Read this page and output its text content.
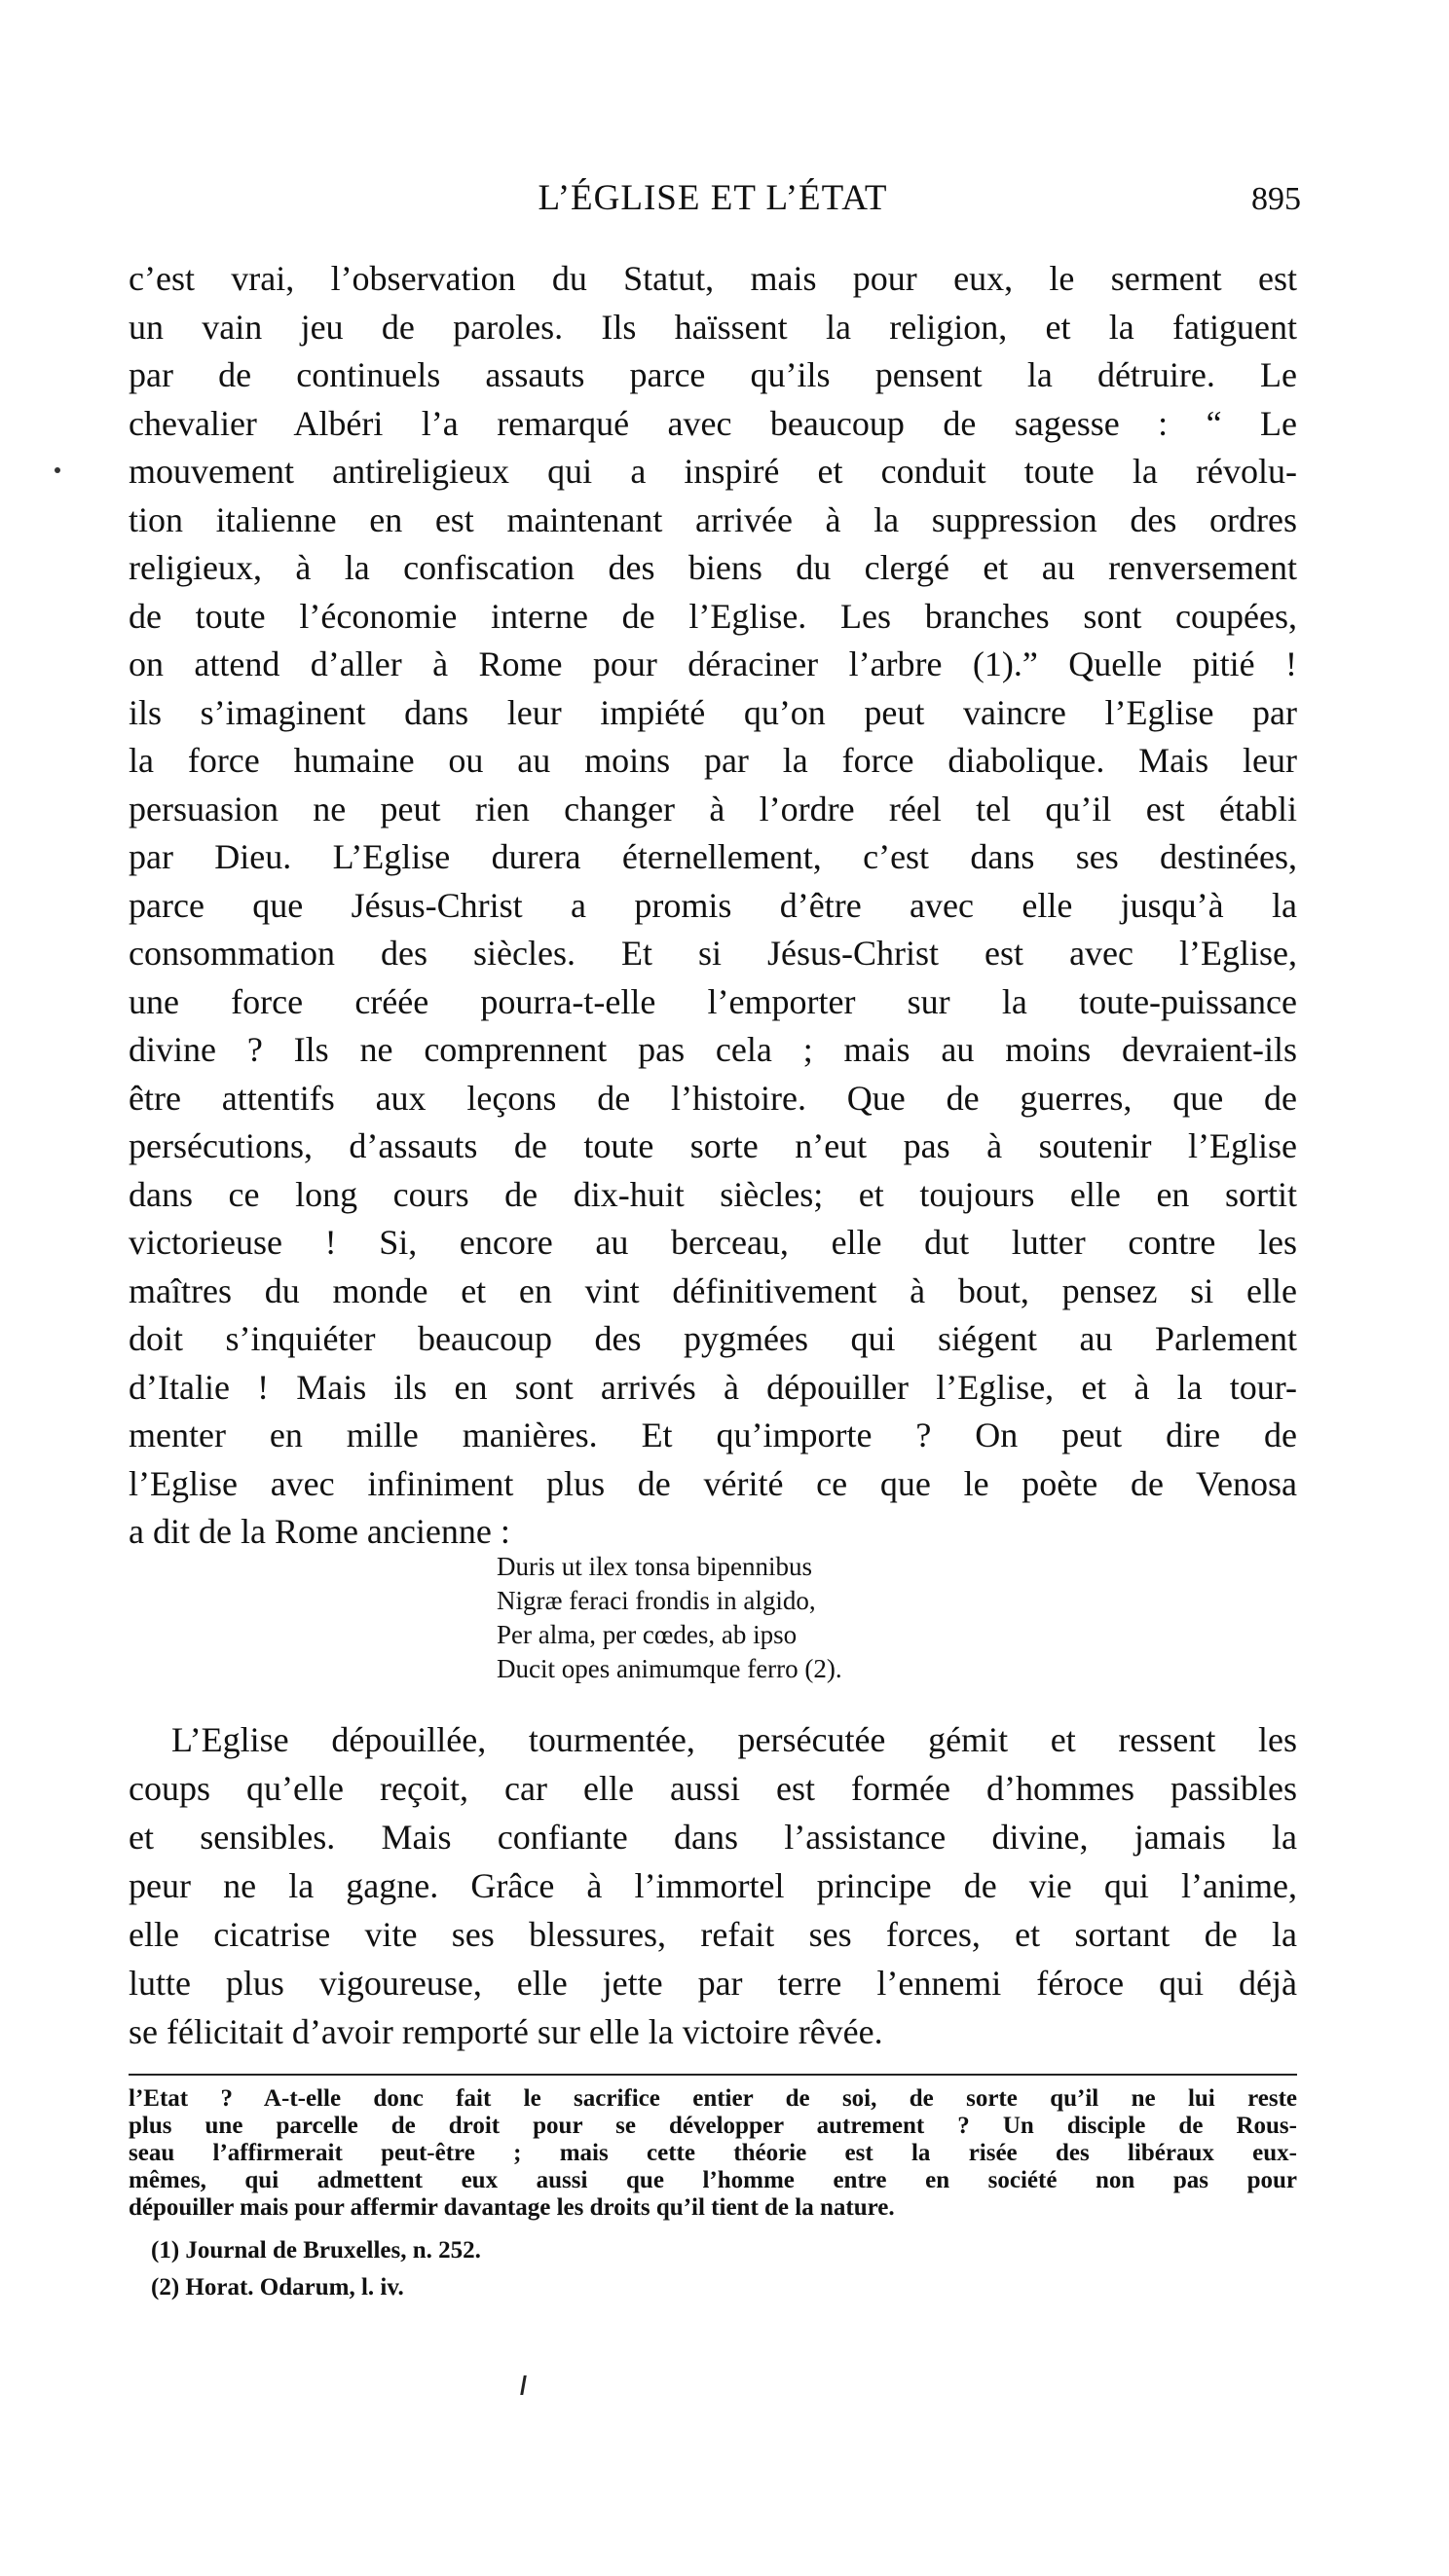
L’ÉGLISE ET L’ÉTAT	895
c’est vrai, l’observation du Statut, mais pour eux, le serment est
un vain jeu de paroles. Ils haïssent la religion, et la fatiguent
par de continuels assauts parce qu’ils pensent la détruire. Le
chevalier Albéri l’a remarqué avec beaucoup de sagesse : “ Le
mouvement antireligieux qui a inspiré et conduit toute la révolu-
tion italienne en est maintenant arrivée à la suppression des ordres
religieux, à la confiscation des biens du clergé et au renversement
de toute l’économie interne de l’Eglise. Les branches sont coupées,
on attend d’aller à Rome pour déraciner l’arbre (1).” Quelle pitié !
ils s’imaginent dans leur impiété qu’on peut vaincre l’Eglise par
la force humaine ou au moins par la force diabolique. Mais leur
persuasion ne peut rien changer à l’ordre réel tel qu’il est établi
par Dieu. L’Eglise durera éternellement, c’est dans ses destinées,
parce que Jésus-Christ a promis d’être avec elle jusqu’à la
consommation des siècles. Et si Jésus-Christ est avec l’Eglise,
une force créée pourra-t-elle l’emporter sur la toute-puissance
divine ? Ils ne comprennent pas cela ; mais au moins devraient-ils
être attentifs aux leçons de l’histoire. Que de guerres, que de
persécutions, d’assauts de toute sorte n’eut pas à soutenir l’Eglise
dans ce long cours de dix-huit siècles; et toujours elle en sortit
victorieuse ! Si, encore au berceau, elle dut lutter contre les
maîtres du monde et en vint définitivement à bout, pensez si elle
doit s’inquiéter beaucoup des pygmées qui siégent au Parlement
d’Italie ! Mais ils en sont arrivés à dépouiller l’Eglise, et à la tour-
menter en mille manières. Et qu’importe ? On peut dire de
l’Eglise avec infiniment plus de vérité ce que le poète de Venosa
a dit de la Rome ancienne :
Duris ut ilex tonsa bipennibus
Nigræ feraci frondis in algido,
Per alma, per cœdes, ab ipso
Ducit opes animumque ferro (2).
L’Eglise dépouillée, tourmentée, persécutée gémit et ressent les
coups qu’elle reçoit, car elle aussi est formée d’hommes passibles
et sensibles. Mais confiante dans l’assistance divine, jamais la
peur ne la gagne. Grâce à l’immortel principe de vie qui l’anime,
elle cicatrise vite ses blessures, refait ses forces, et sortant de la
lutte plus vigoureuse, elle jette par terre l’ennemi féroce qui déjà
se félicitait d’avoir remporté sur elle la victoire rêvée.
l’Etat ? A-t-elle donc fait le sacrifice entier de soi, de sorte qu’il ne lui reste
plus une parcelle de droit pour se développer autrement ? Un disciple de Rous-
seau l’affirmerait peut-être ; mais cette théorie est la risée des libéraux eux-
mêmes, qui admettent eux aussi que l’homme entre en société non pas pour
dépouiller mais pour affermir davantage les droits qu’il tient de la nature.
(1) Journal de Bruxelles, n. 252.
(2) Horat. Odarum, l. iv.
